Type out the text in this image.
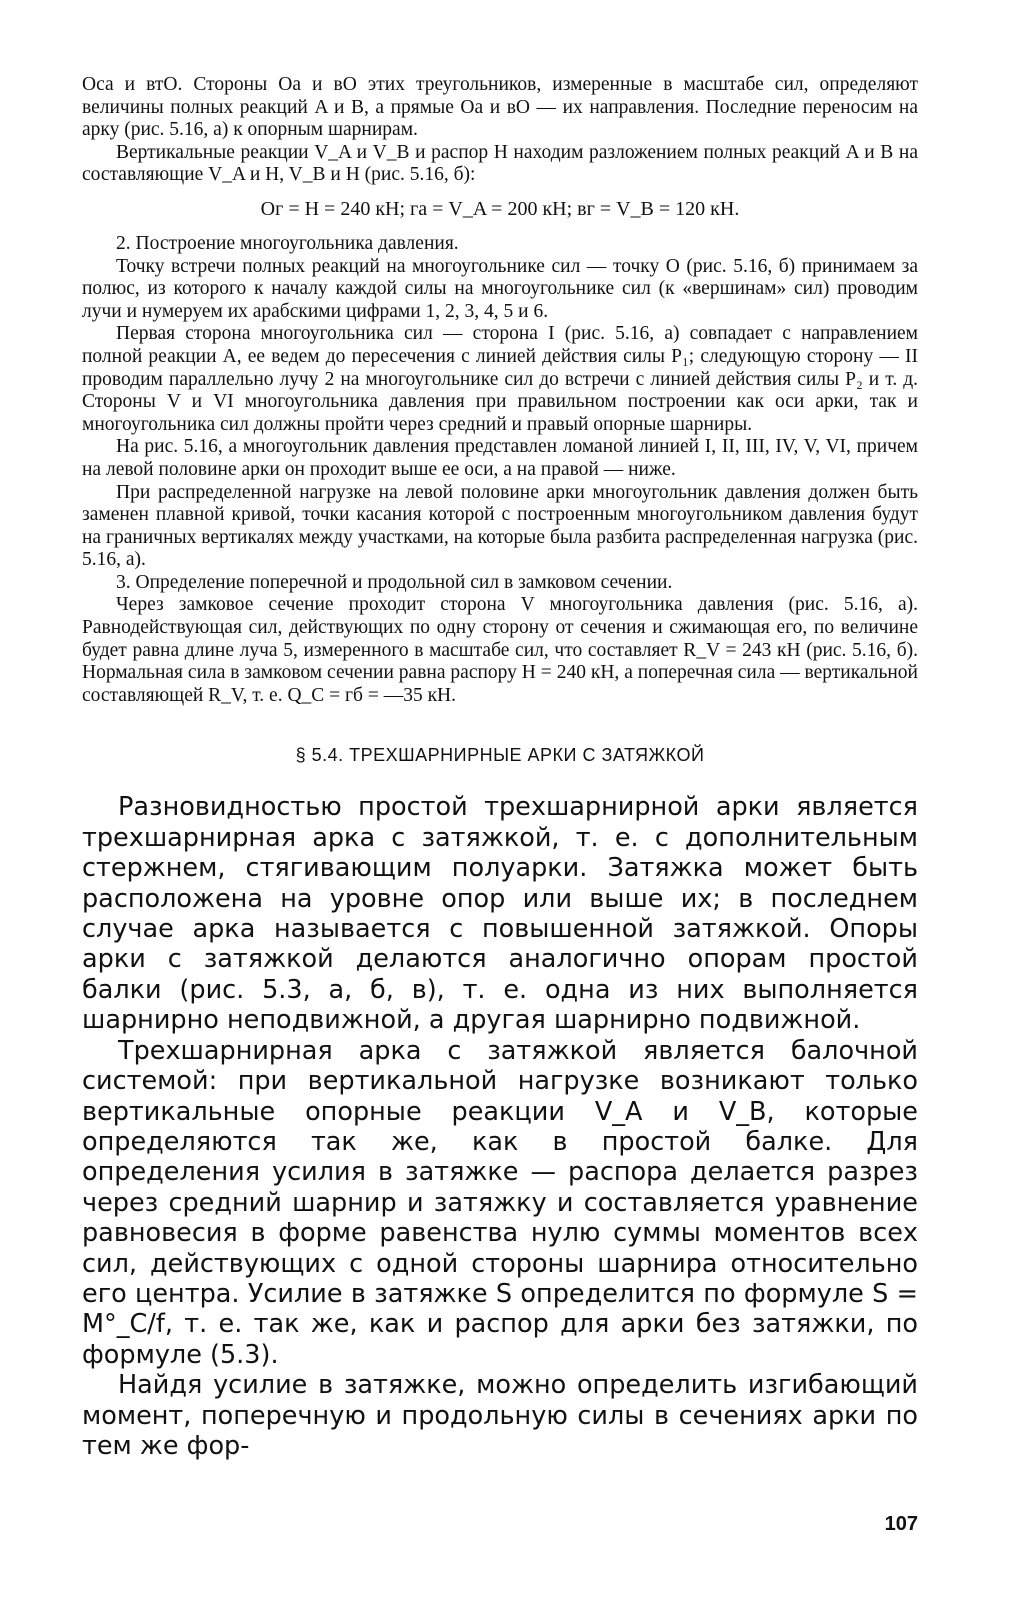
Оса и втО. Стороны Оа и вО этих треугольников, измеренные в масштабе сил, определяют величины полных реакций A и B, а прямые Оа и вО — их направления. Последние переносим на арку (рис. 5.16, а) к опорным шарнирам.

Вертикальные реакции V_A и V_B и распор H находим разложением полных реакций A и B на составляющие V_A и H, V_B и H (рис. 5.16, б):

Ог = H = 240 кН; га = V_A = 200 кН; вг = V_B = 120 кН.

2. Построение многоугольника давления.

Точку встречи полных реакций на многоугольнике сил — точку О (рис. 5.16, б) принимаем за полюс, из которого к началу каждой силы на многоугольнике сил (к «вершинам» сил) проводим лучи и нумеруем их арабскими цифрами 1, 2, 3, 4, 5 и 6.

Первая сторона многоугольника сил — сторона I (рис. 5.16, а) совпадает с направлением полной реакции A, ее ведем до пересечения с линией действия силы P₁; следующую сторону — II проводим параллельно лучу 2 на многоугольнике сил до встречи с линией действия силы P₂ и т. д. Стороны V и VI многоугольника давления при правильном построении как оси арки, так и многоугольника сил должны пройти через средний и правый опорные шарниры.

На рис. 5.16, а многоугольник давления представлен ломаной линией I, II, III, IV, V, VI, причем на левой половине арки он проходит выше ее оси, а на правой — ниже.

При распределенной нагрузке на левой половине арки многоугольник давления должен быть заменен плавной кривой, точки касания которой с построенным многоугольником давления будут на граничных вертикалях между участками, на которые была разбита распределенная нагрузка (рис. 5.16, а).

3. Определение поперечной и продольной сил в замковом сечении.

Через замковое сечение проходит сторона V многоугольника давления (рис. 5.16, а). Равнодействующая сил, действующих по одну сторону от сечения и сжимающая его, по величине будет равна длине луча 5, измеренного в масштабе сил, что составляет R_V = 243 кН (рис. 5.16, б). Нормальная сила в замковом сечении равна распору H = 240 кН, а поперечная сила — вертикальной составляющей R_V, т. е. Q_C = гб = —35 кН.

§ 5.4. ТРЕХШАРНИРНЫЕ АРКИ С ЗАТЯЖКОЙ

Разновидностью простой трехшарнирной арки является трехшарнирная арка с затяжкой, т. е. с дополнительным стержнем, стягивающим полуарки. Затяжка может быть расположена на уровне опор или выше их; в последнем случае арка называется с повышенной затяжкой. Опоры арки с затяжкой делаются аналогично опорам простой балки (рис. 5.3, а, б, в), т. е. одна из них выполняется шарнирно неподвижной, а другая шарнирно подвижной.

Трехшарнирная арка с затяжкой является балочной системой: при вертикальной нагрузке возникают только вертикальные опорные реакции V_A и V_B, которые определяются так же, как в простой балке. Для определения усилия в затяжке — распора делается разрез через средний шарнир и затяжку и составляется уравнение равновесия в форме равенства нулю суммы моментов всех сил, действующих с одной стороны шарнира относительно его центра. Усилие в затяжке S определится по формуле S = M°_C/f, т. е. так же, как и распор для арки без затяжки, по формуле (5.3).

Найдя усилие в затяжке, можно определить изгибающий момент, поперечную и продольную силы в сечениях арки по тем же фор-

107
